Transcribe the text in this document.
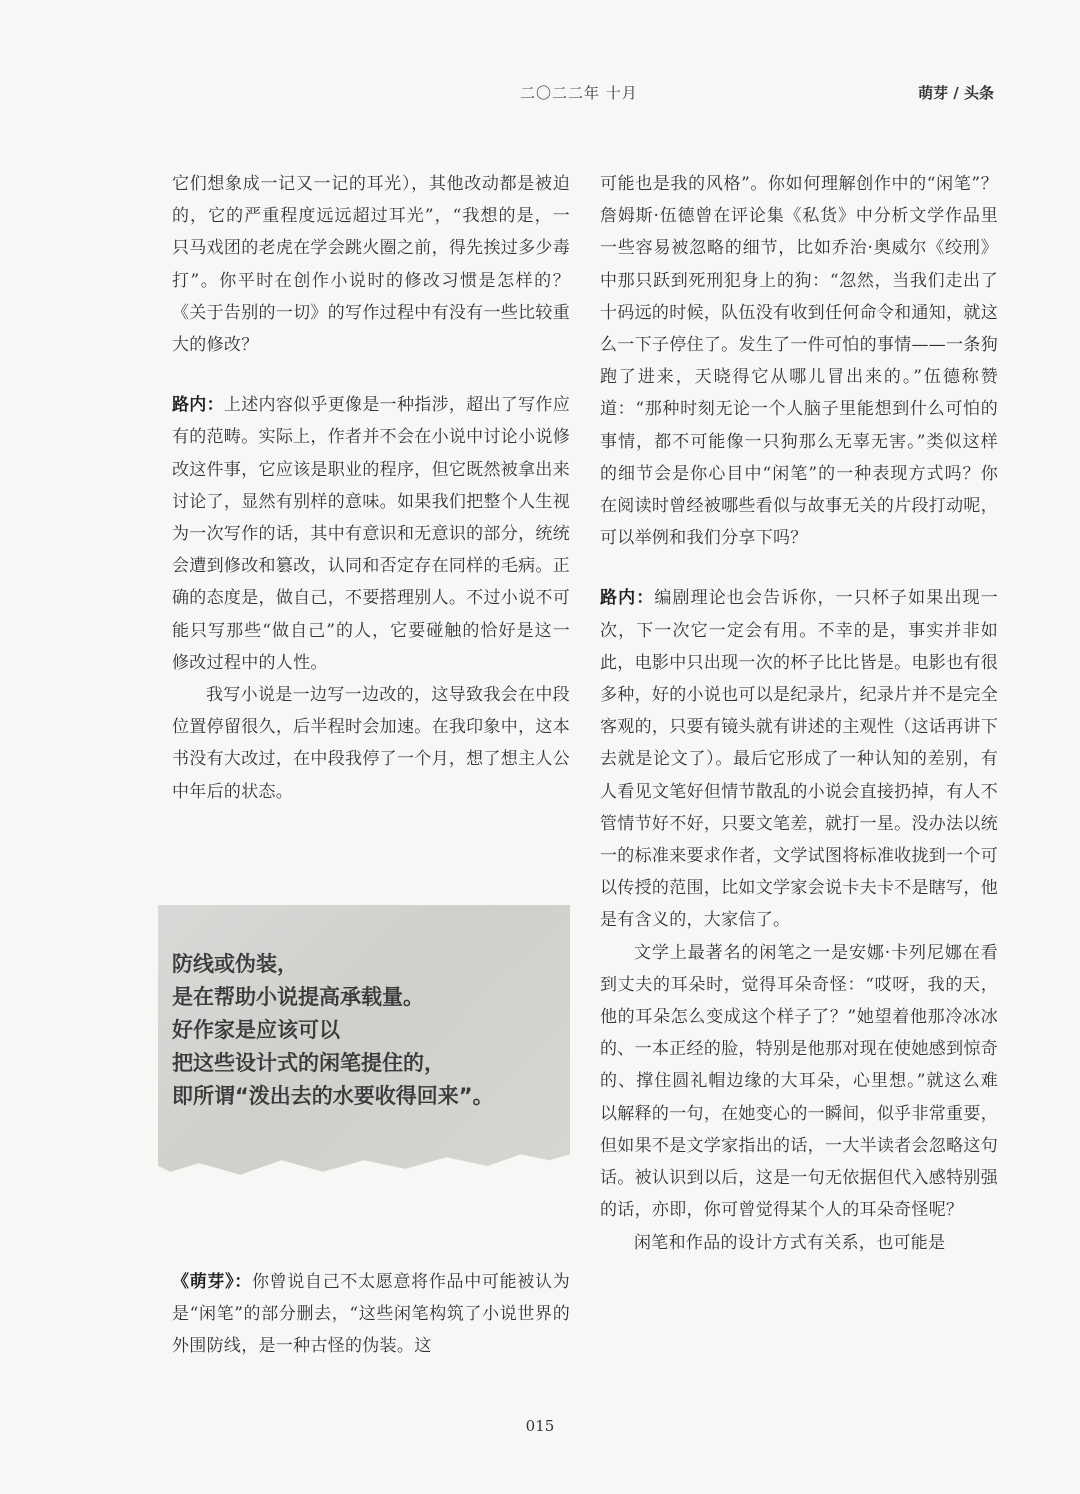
二〇二二年 十月	萌芽 / 头条

它们想象成一记又一记的耳光），其他改动都是被迫的，它的严重程度远远超过耳光”，“我想的是，一只马戏团的老虎在学会跳火圈之前，得先挨过多少毒打”。你平时在创作小说时的修改习惯是怎样的？《关于告别的一切》的写作过程中有没有一些比较重大的修改？

路内：上述内容似乎更像是一种指涉，超出了写作应有的范畴。实际上，作者并不会在小说中讨论小说修改这件事，它应该是职业的程序，但它既然被拿出来讨论了，显然有别样的意味。如果我们把整个人生视为一次写作的话，其中有意识和无意识的部分，统统会遭到修改和篡改，认同和否定存在同样的毛病。正确的态度是，做自己，不要搭理别人。不过小说不可能只写那些“做自己”的人，它要碰触的恰好是这一修改过程中的人性。

我写小说是一边写一边改的，这导致我会在中段位置停留很久，后半程时会加速。在我印象中，这本书没有大改过，在中段我停了一个月，想了想主人公中年后的状态。

防线或伪装，
是在帮助小说提高承载量。
好作家是应该可以
把这些设计式的闲笔提住的，
即所谓“泼出去的水要收得回来”。

《萌芽》：你曾说自己不太愿意将作品中可能被认为是“闲笔”的部分删去，“这些闲笔构筑了小说世界的外围防线，是一种古怪的伪装。这

可能也是我的风格”。你如何理解创作中的“闲笔”？詹姆斯·伍德曾在评论集《私货》中分析文学作品里一些容易被忽略的细节，比如乔治·奥威尔《绞刑》中那只跃到死刑犯身上的狗：“忽然，当我们走出了十码远的时候，队伍没有收到任何命令和通知，就这么一下子停住了。发生了一件可怕的事情——一条狗跑了进来，天晓得它从哪儿冒出来的。”伍德称赞道：“那种时刻无论一个人脑子里能想到什么可怕的事情，都不可能像一只狗那么无辜无害。”类似这样的细节会是你心目中“闲笔”的一种表现方式吗？你在阅读时曾经被哪些看似与故事无关的片段打动呢，可以举例和我们分享下吗？

路内：编剧理论也会告诉你，一只杯子如果出现一次，下一次它一定会有用。不幸的是，事实并非如此，电影中只出现一次的杯子比比皆是。电影也有很多种，好的小说也可以是纪录片，纪录片并不是完全客观的，只要有镜头就有讲述的主观性（这话再讲下去就是论文了）。最后它形成了一种认知的差别，有人看见文笔好但情节散乱的小说会直接扔掉，有人不管情节好不好，只要文笔差，就打一星。没办法以统一的标准来要求作者，文学试图将标准收拢到一个可以传授的范围，比如文学家会说卡夫卡不是瞎写，他是有含义的，大家信了。

文学上最著名的闲笔之一是安娜·卡列尼娜在看到丈夫的耳朵时，觉得耳朵奇怪：“哎呀，我的天，他的耳朵怎么变成这个样子了？”她望着他那冷冰冰的、一本正经的脸，特别是他那对现在使她感到惊奇的、撑住圆礼帽边缘的大耳朵，心里想。”就这么难以解释的一句，在她变心的一瞬间，似乎非常重要，但如果不是文学家指出的话，一大半读者会忽略这句话。被认识到以后，这是一句无依据但代入感特别强的话，亦即，你可曾觉得某个人的耳朵奇怪呢？

闲笔和作品的设计方式有关系，也可能是

015
